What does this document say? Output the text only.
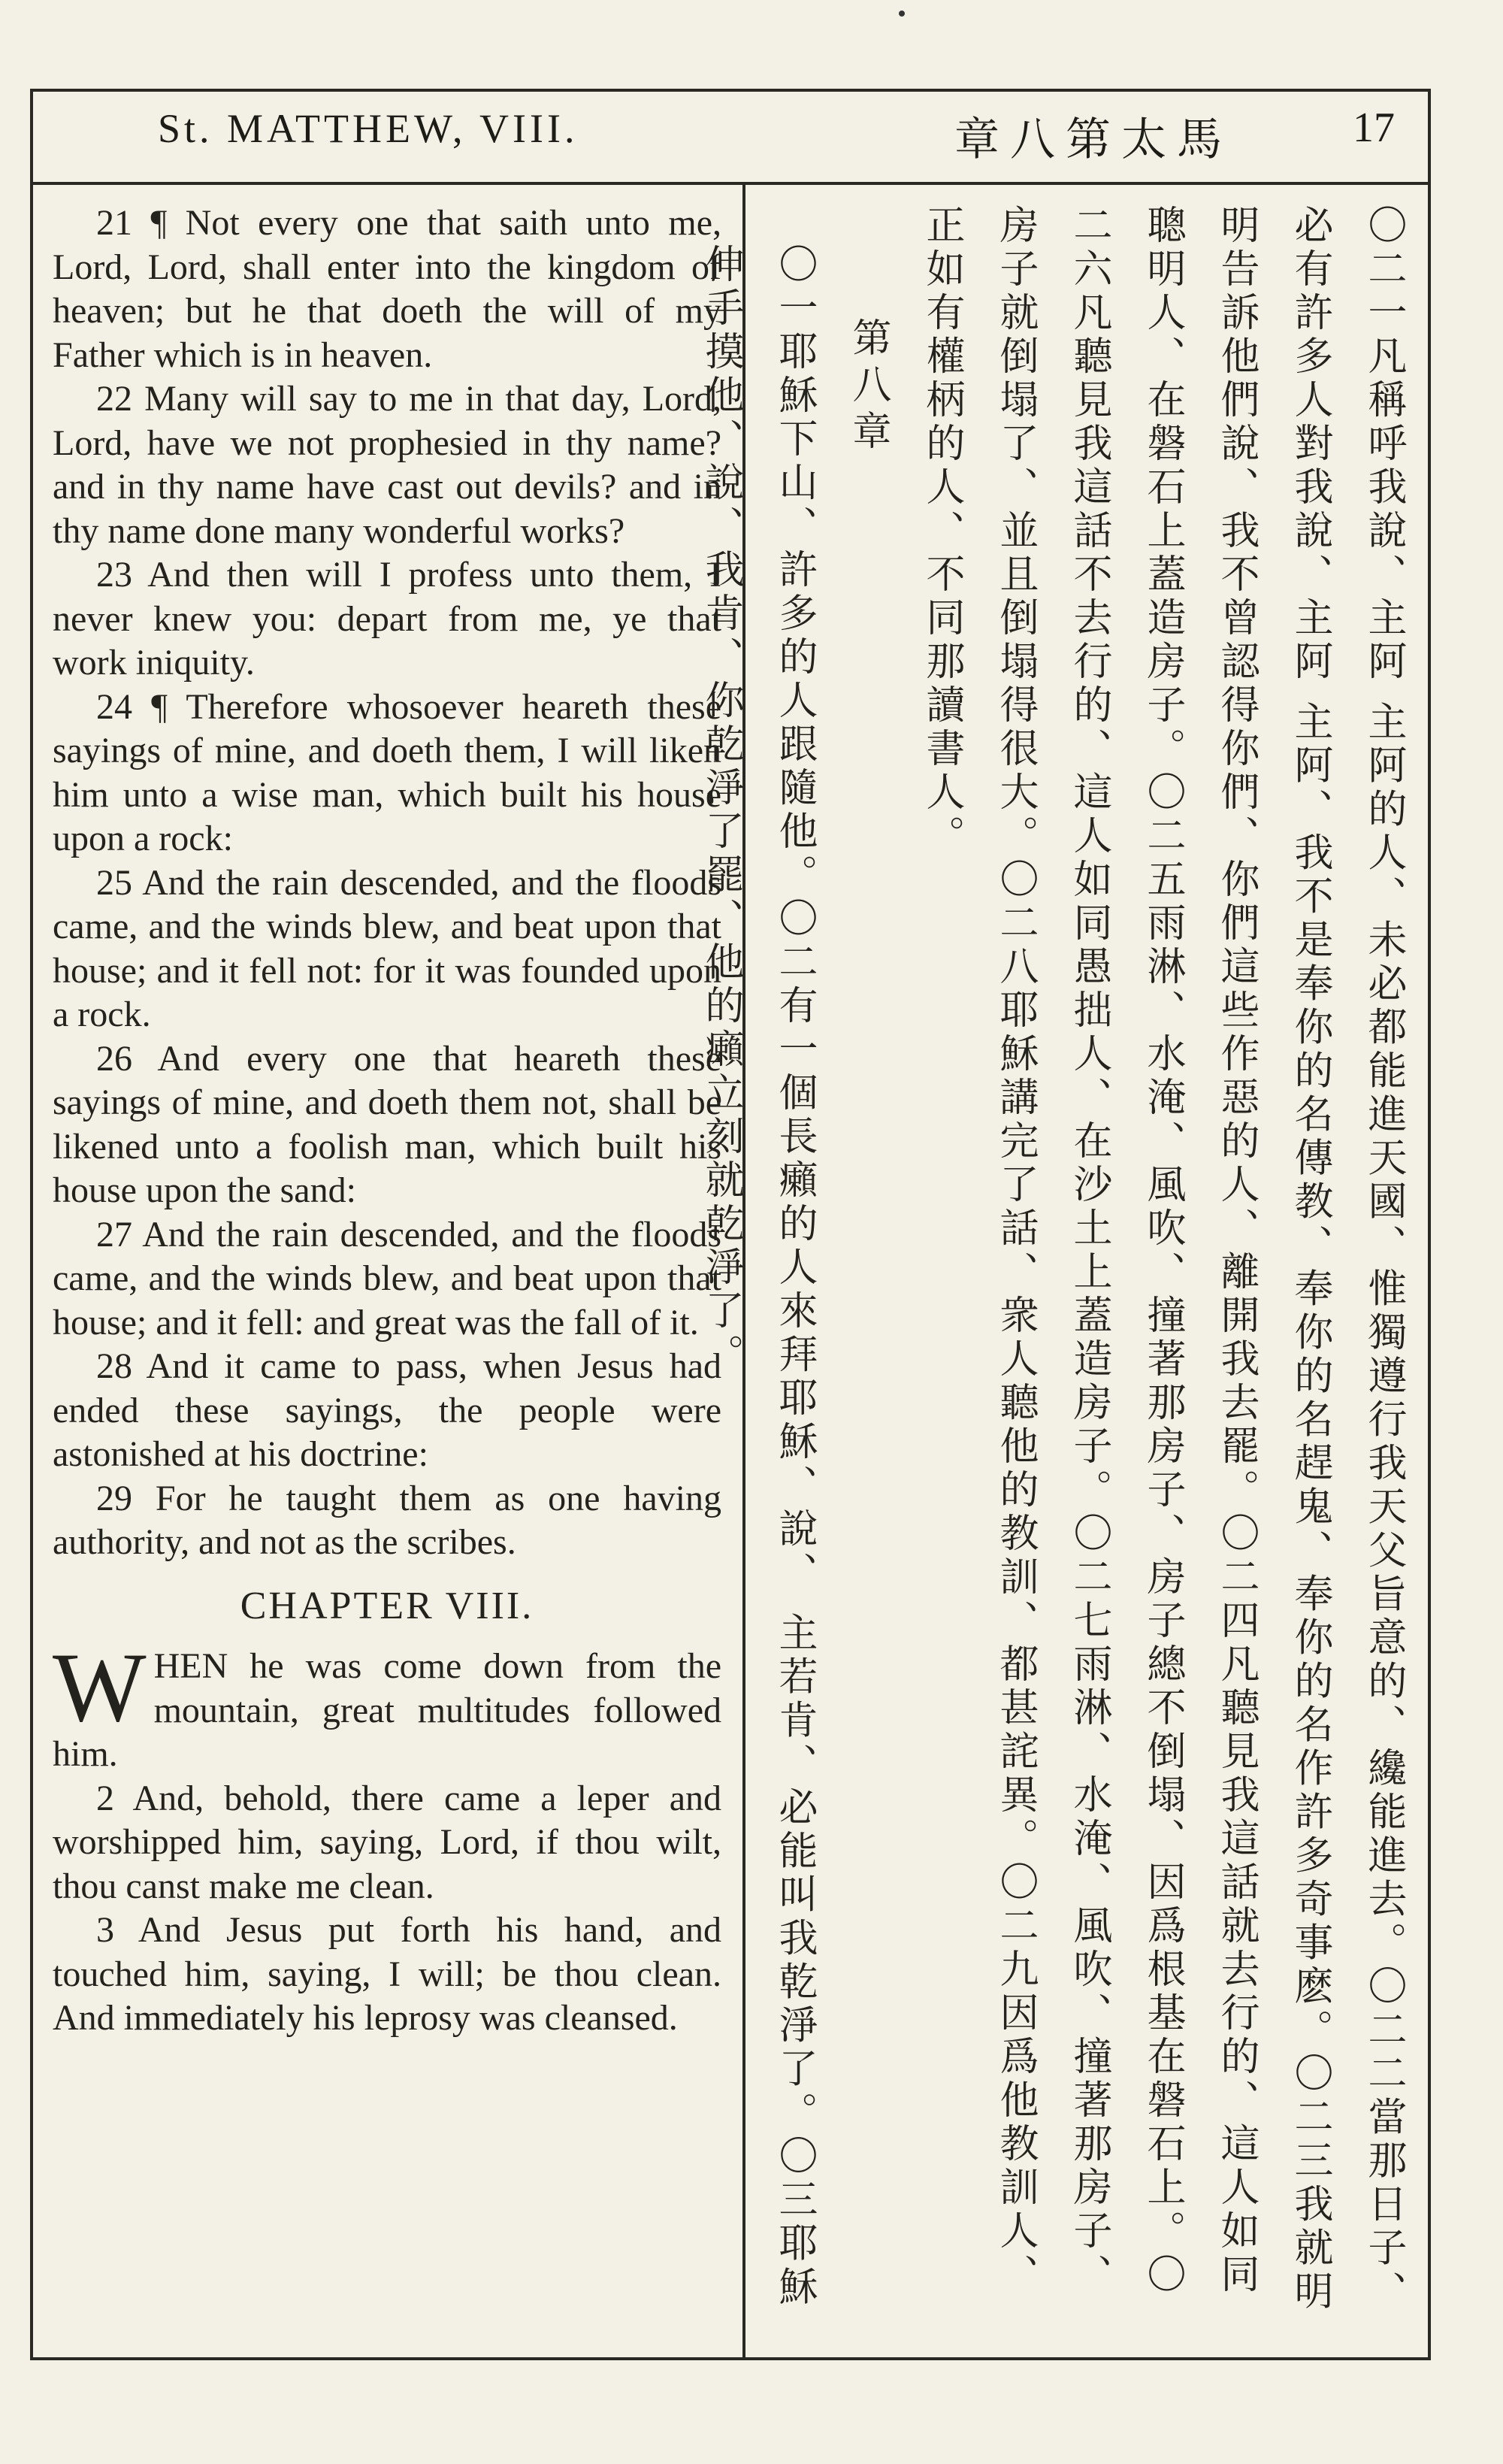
St. MATTHEW, VIII.	章八第太馬	17

21 ¶ Not every one that saith unto me, Lord, Lord, shall enter into the kingdom of heaven; but he that doeth the will of my Father which is in heaven.

22 Many will say to me in that day, Lord, Lord, have we not prophesied in thy name? and in thy name have cast out devils? and in thy name done many wonderful works?

23 And then will I profess unto them, I never knew you: depart from me, ye that work iniquity.

24 ¶ Therefore whosoever heareth these sayings of mine, and doeth them, I will liken him unto a wise man, which built his house upon a rock:

25 And the rain descended, and the floods came, and the winds blew, and beat upon that house; and it fell not: for it was founded upon a rock.

26 And every one that heareth these sayings of mine, and doeth them not, shall be likened unto a foolish man, which built his house upon the sand:

27 And the rain descended, and the floods came, and the winds blew, and beat upon that house; and it fell: and great was the fall of it.

28 And it came to pass, when Jesus had ended these sayings, the people were astonished at his doctrine:

29 For he taught them as one having authority, and not as the scribes.

CHAPTER VIII.

WHEN he was come down from the mountain, great multitudes followed him.

2 And, behold, there came a leper and worshipped him, saying, Lord, if thou wilt, thou canst make me clean.

3 And Jesus put forth his hand, and touched him, saying, I will; be thou clean. And immediately his leprosy was cleansed.	〇二一凡稱呼我說、主阿 主阿的人、未必都能進天國、惟獨遵行我天父旨意的、纔能進去。〇二二當那日子、必有許多人對我說、主阿 主阿、我不是奉你的名傳教、奉你的名趕鬼、奉你的名作許多奇事麽。〇二三我就明明告訴他們說、我不曾認得你們、你們這些作惡的人、離開我去罷。〇二四凡聽見我這話就去行的、這人如同聰明人、在磐石上蓋造房子。〇二五雨淋、水淹、風吹、撞著那房子、房子總不倒塌、因爲根基在磐石上。〇二六凡聽見我這話不去行的、這人如同愚拙人、在沙土上蓋造房子。〇二七雨淋、水淹、風吹、撞著那房子、房子就倒塌了、並且倒塌得很大。〇二八耶穌講完了話、衆人聽他的教訓、都甚詫異。〇二九因爲他教訓人、正如有權柄的人、不同那讀書人。

第八章

〇一耶穌下山、許多的人跟隨他。〇二有一個長癩的人來拜耶穌、說、 主若肯、必能叫我乾淨了。〇三耶穌伸手摸他、說、我肯、你乾淨了罷、他的癩立刻就乾淨了。
